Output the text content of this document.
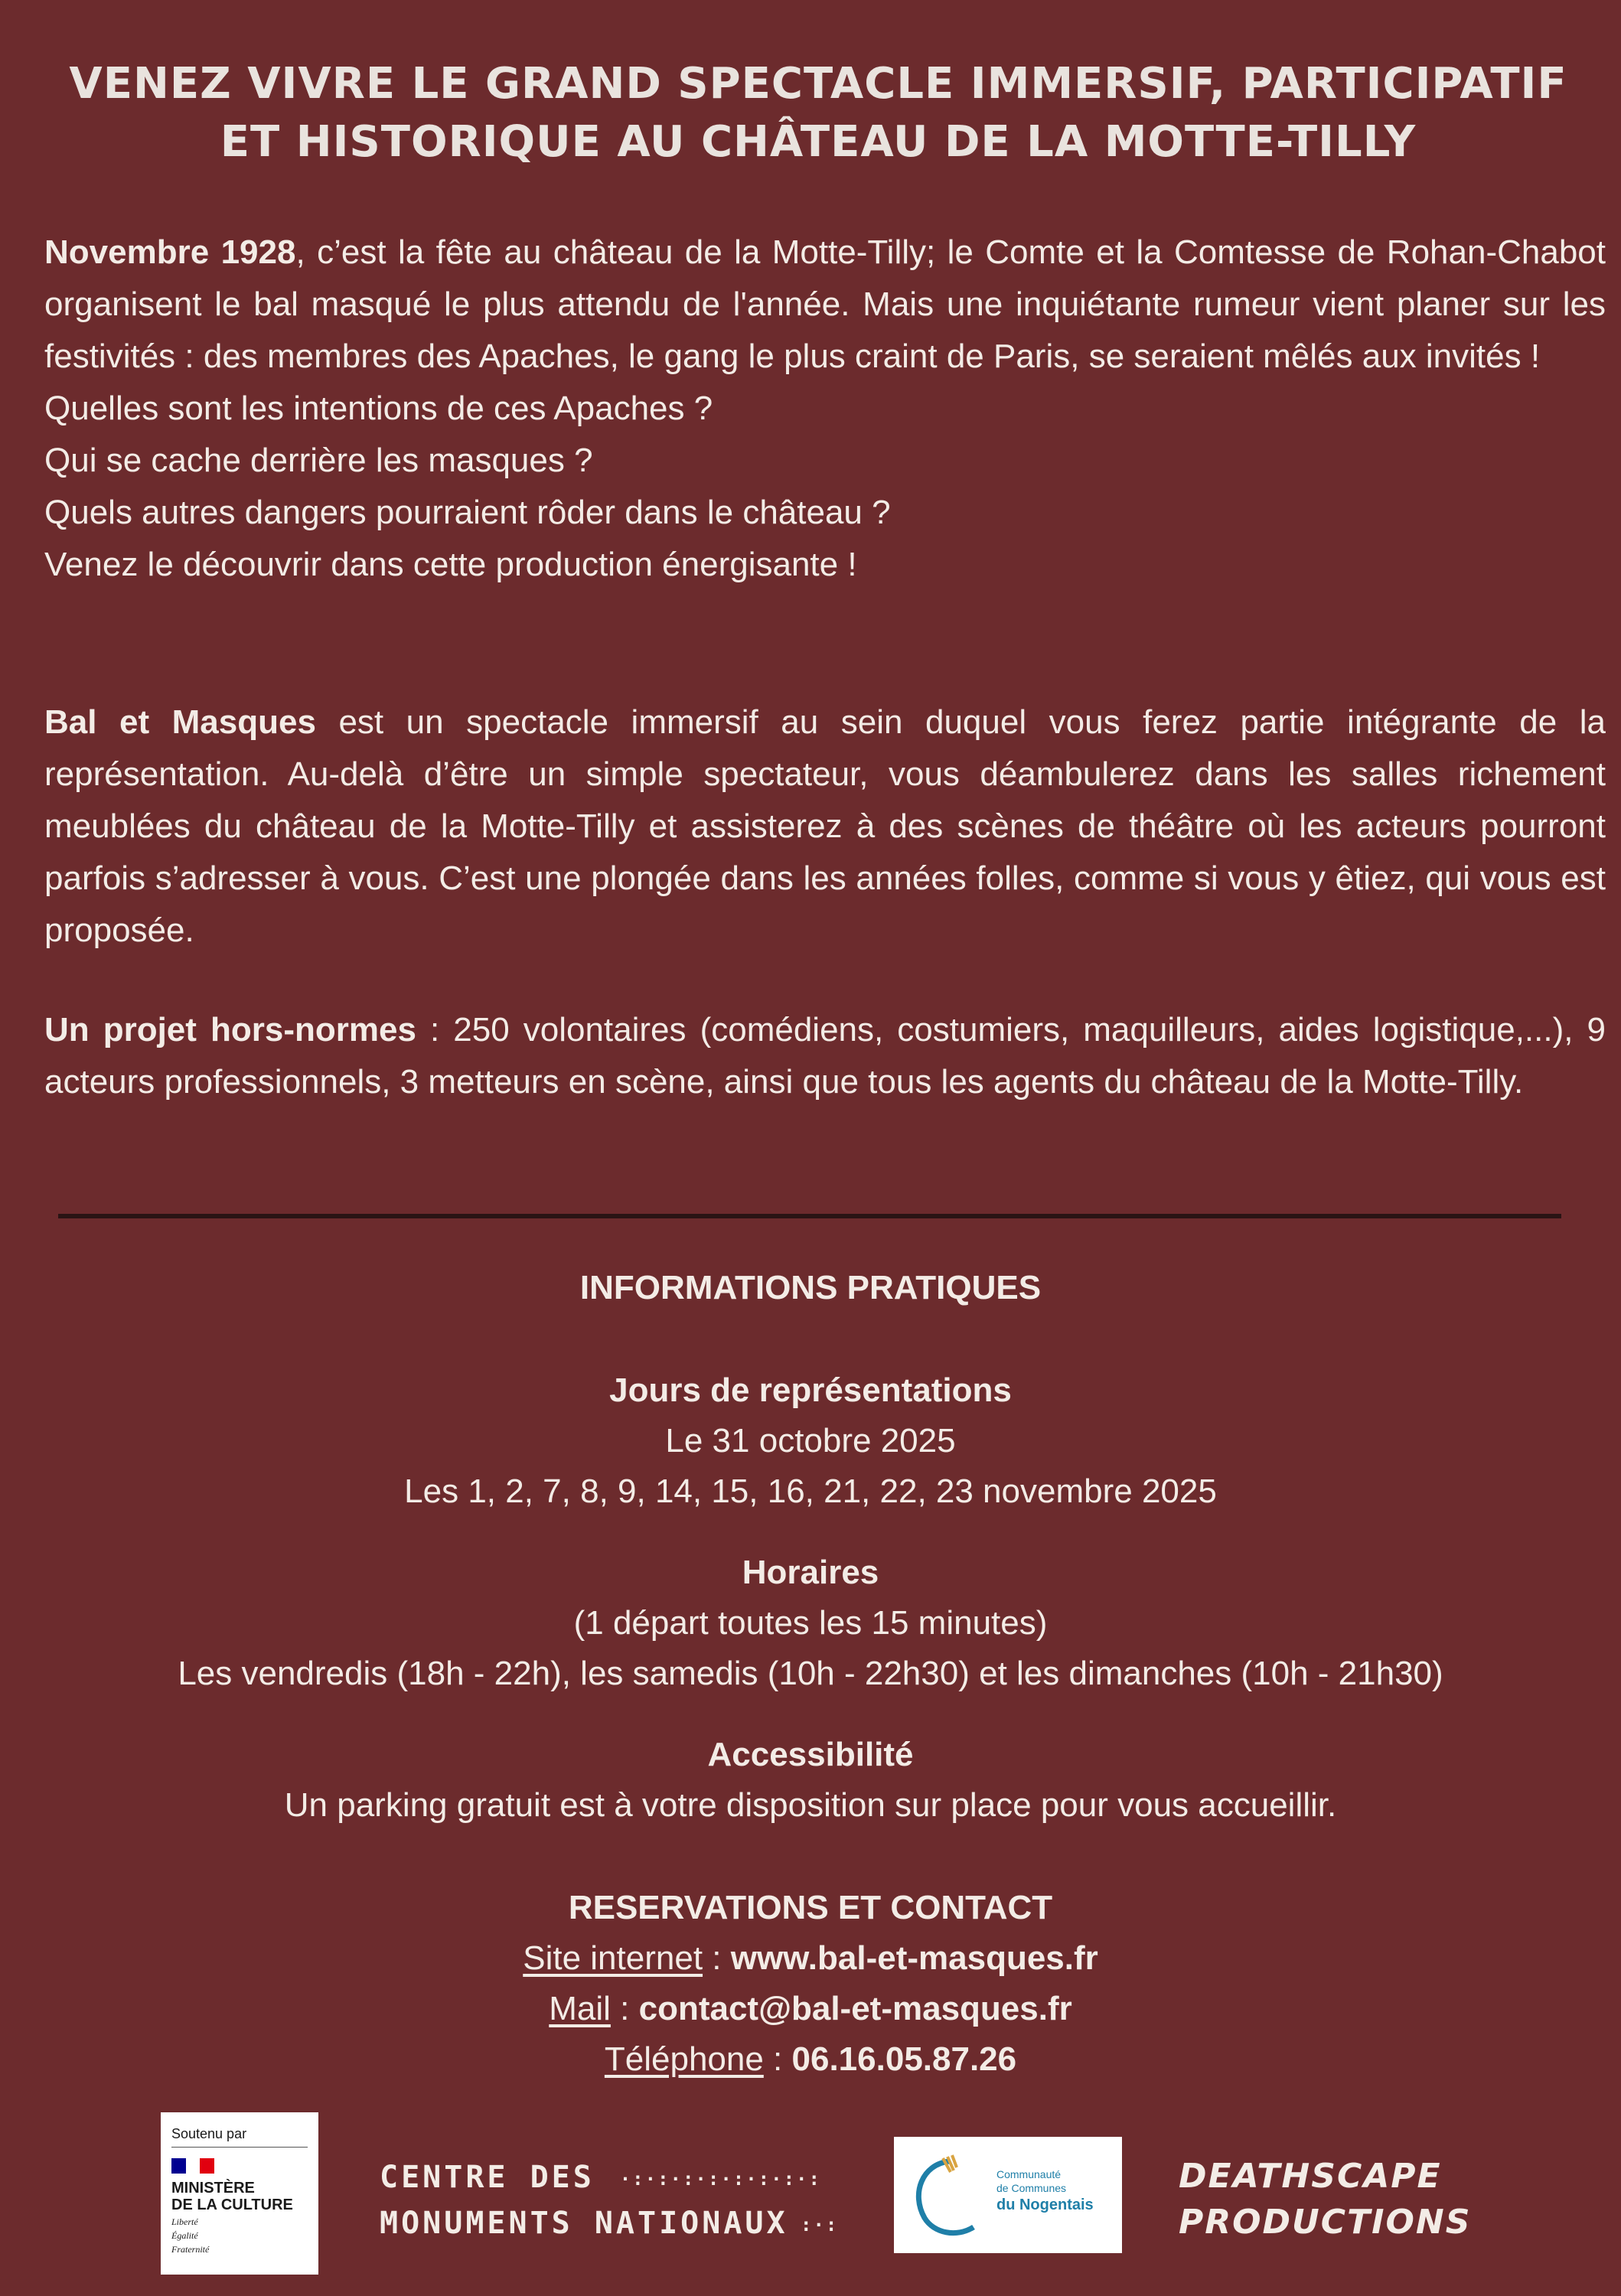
VENEZ VIVRE LE GRAND SPECTACLE IMMERSIF, PARTICIPATIF
ET HISTORIQUE AU CHÂTEAU DE LA MOTTE-TILLY

Novembre 1928, c’est la fête au château de la Motte-Tilly; le Comte et la Comtesse de Rohan-Chabot organisent le bal masqué le plus attendu de l'année. Mais une inquiétante rumeur vient planer sur les festivités : des membres des Apaches, le gang le plus craint de Paris, se seraient mêlés aux invités !

Quelles sont les intentions de ces Apaches ?

Qui se cache derrière les masques ?

Quels autres dangers pourraient rôder dans le château ?

Venez le découvrir dans cette production énergisante !

Bal et Masques est un spectacle immersif au sein duquel vous ferez partie intégrante de la représentation. Au-delà d’être un simple spectateur, vous déambulerez dans les salles richement meublées du château de la Motte-Tilly et assisterez à des scènes de théâtre où les acteurs pourront parfois s’adresser à vous. C’est une plongée dans les années folles, comme si vous y êtiez, qui vous est proposée.

Un projet hors-normes : 250 volontaires (comédiens, costumiers, maquilleurs, aides logistique,...), 9 acteurs professionnels, 3 metteurs en scène, ainsi que tous les agents du château de la Motte-Tilly.

INFORMATIONS PRATIQUES
Jours de représentations
Le 31 octobre 2025
Les 1, 2, 7, 8, 9, 14, 15, 16, 21, 22, 23 novembre 2025
Horaires
(1 départ toutes les 15 minutes)
Les vendredis (18h - 22h), les samedis (10h - 22h30) et les dimanches (10h - 21h30)
Accessibilité
Un parking gratuit est à votre disposition sur place pour vous accueillir.
RESERVATIONS ET CONTACT
Site internet : www.bal-et-masques.fr
Mail : contact@bal-et-masques.fr
Téléphone : 06.16.05.87.26
Soutenu par
MINISTÈRE
DE LA CULTURE
Liberté
Égalité
Fraternité
CENTRE DES  ·:·:·:·:·:·:·:·:
MONUMENTS NATIONAUX :·:
Communauté
de Communes
du Nogentais
DEATHSCAPE
PRODUCTIONS
